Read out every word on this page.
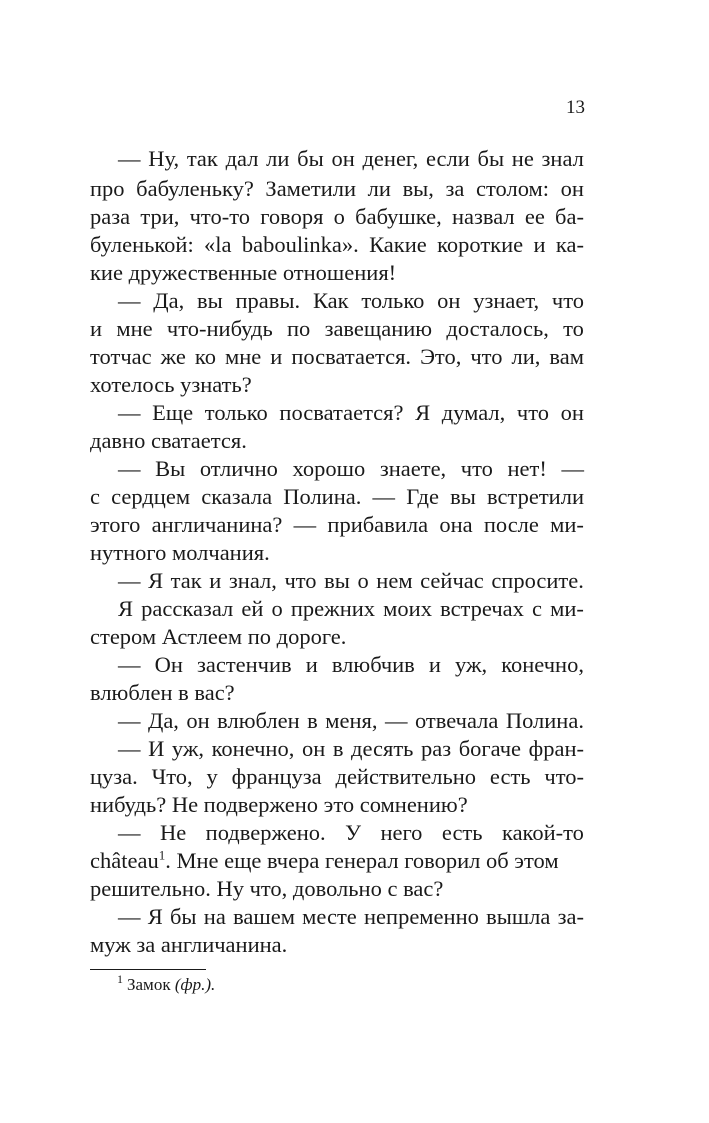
13
— Ну, так дал ли бы он денег, если бы не знал
про бабуленьку? Заметили ли вы, за столом: он
раза три, что-то говоря о бабушке, назвал ее ба-
буленькой: «la baboulinka». Какие короткие и ка-
кие дружественные отношения!
— Да, вы правы. Как только он узнает, что
и мне что-нибудь по завещанию досталось, то
тотчас же ко мне и посватается. Это, что ли, вам
хотелось узнать?
— Еще только посватается? Я думал, что он
давно сватается.
— Вы отлично хорошо знаете, что нет! —
с сердцем сказала Полина. — Где вы встретили
этого англичанина? — прибавила она после ми-
нутного молчания.
— Я так и знал, что вы о нем сейчас спросите.
Я рассказал ей о прежних моих встречах с ми-
стером Астлеем по дороге.
— Он застенчив и влюбчив и уж, конечно,
влюблен в вас?
— Да, он влюблен в меня, — отвечала Полина.
— И уж, конечно, он в десять раз богаче фран-
цуза. Что, у француза действительно есть что-
нибудь? Не подвержено это сомнению?
— Не подвержено. У него есть какой-то
château$^1$. Мне еще вчера генерал говорил об этом
решительно. Ну что, довольно с вас?
— Я бы на вашем месте непременно вышла за-
муж за англичанина.
$^1$ Замок (фр.).
